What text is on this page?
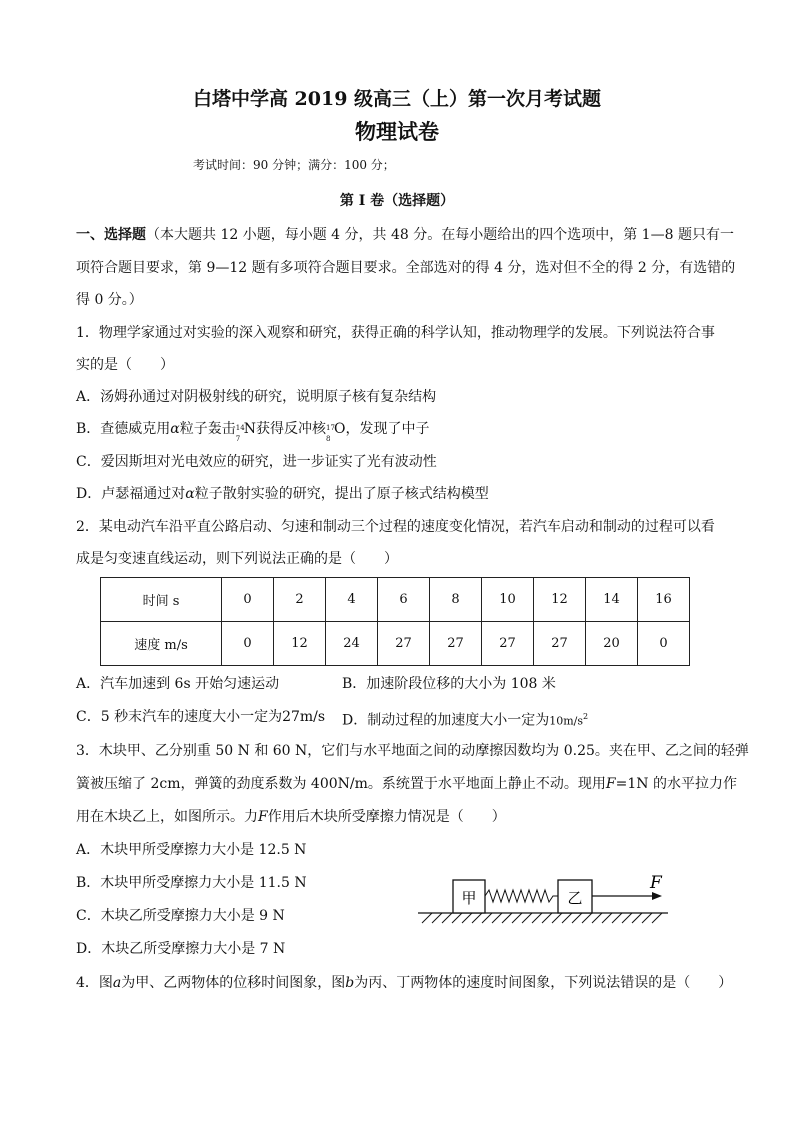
白塔中学高 2019 级高三（上）第一次月考试题
物理试卷
考试时间：90 分钟；满分：100 分；
第 I 卷（选择题）
一、选择题（本大题共 12 小题，每小题 4 分，共 48 分。在每小题给出的四个选项中，第 1—8 题只有一
项符合题目要求，第 9—12 题有多项符合题目要求。全部选对的得 4 分，选对但不全的得 2 分，有选错的
得 0 分。）
1．物理学家通过对实验的深入观察和研究，获得正确的科学认知，推动物理学的发展。下列说法符合事
实的是（　　）
A．汤姆孙通过对阴极射线的研究，说明原子核有复杂结构
B．查德威克用α粒子轰击 14
7
N获得反冲核 17
8
O，发现了中子
C．爱因斯坦对光电效应的研究，进一步证实了光有波动性
D．卢瑟福通过对α粒子散射实验的研究，提出了原子核式结构模型
2．某电动汽车沿平直公路启动、匀速和制动三个过程的速度变化情况，若汽车启动和制动的过程可以看
成是匀变速直线运动，则下列说法正确的是（　　）
时间 s	0	2	4	6	8	10	12	14	16
速度 m/s	0	12	24	27	27	27	27	20	0
A．汽车加速到 6s 开始匀速运动	B．加速阶段位移的大小为 108 米
C．5 秒末汽车的速度大小一定为27m/s D．制动过程的加速度大小一定为$10m/s^2$
3．木块甲、乙分别重 50 N 和 60 N，它们与水平地面之间的动摩擦因数均为 0.25。夹在甲、乙之间的轻弹
簧被压缩了 2cm，弹簧的劲度系数为 400N/m。系统置于水平地面上静止不动。现用F=1N 的水平拉力作
用在木块乙上，如图所示。力F作用后木块所受摩擦力情况是（　　）
A．木块甲所受摩擦力大小是 12.5 N
B．木块甲所受摩擦力大小是 11.5 N
C．木块乙所受摩擦力大小是 9 N
D．木块乙所受摩擦力大小是 7 N
甲	乙
F
4．图a为甲、乙两物体的位移时间图象，图b为丙、丁两物体的速度时间图象，下列说法错误的是（　　）
